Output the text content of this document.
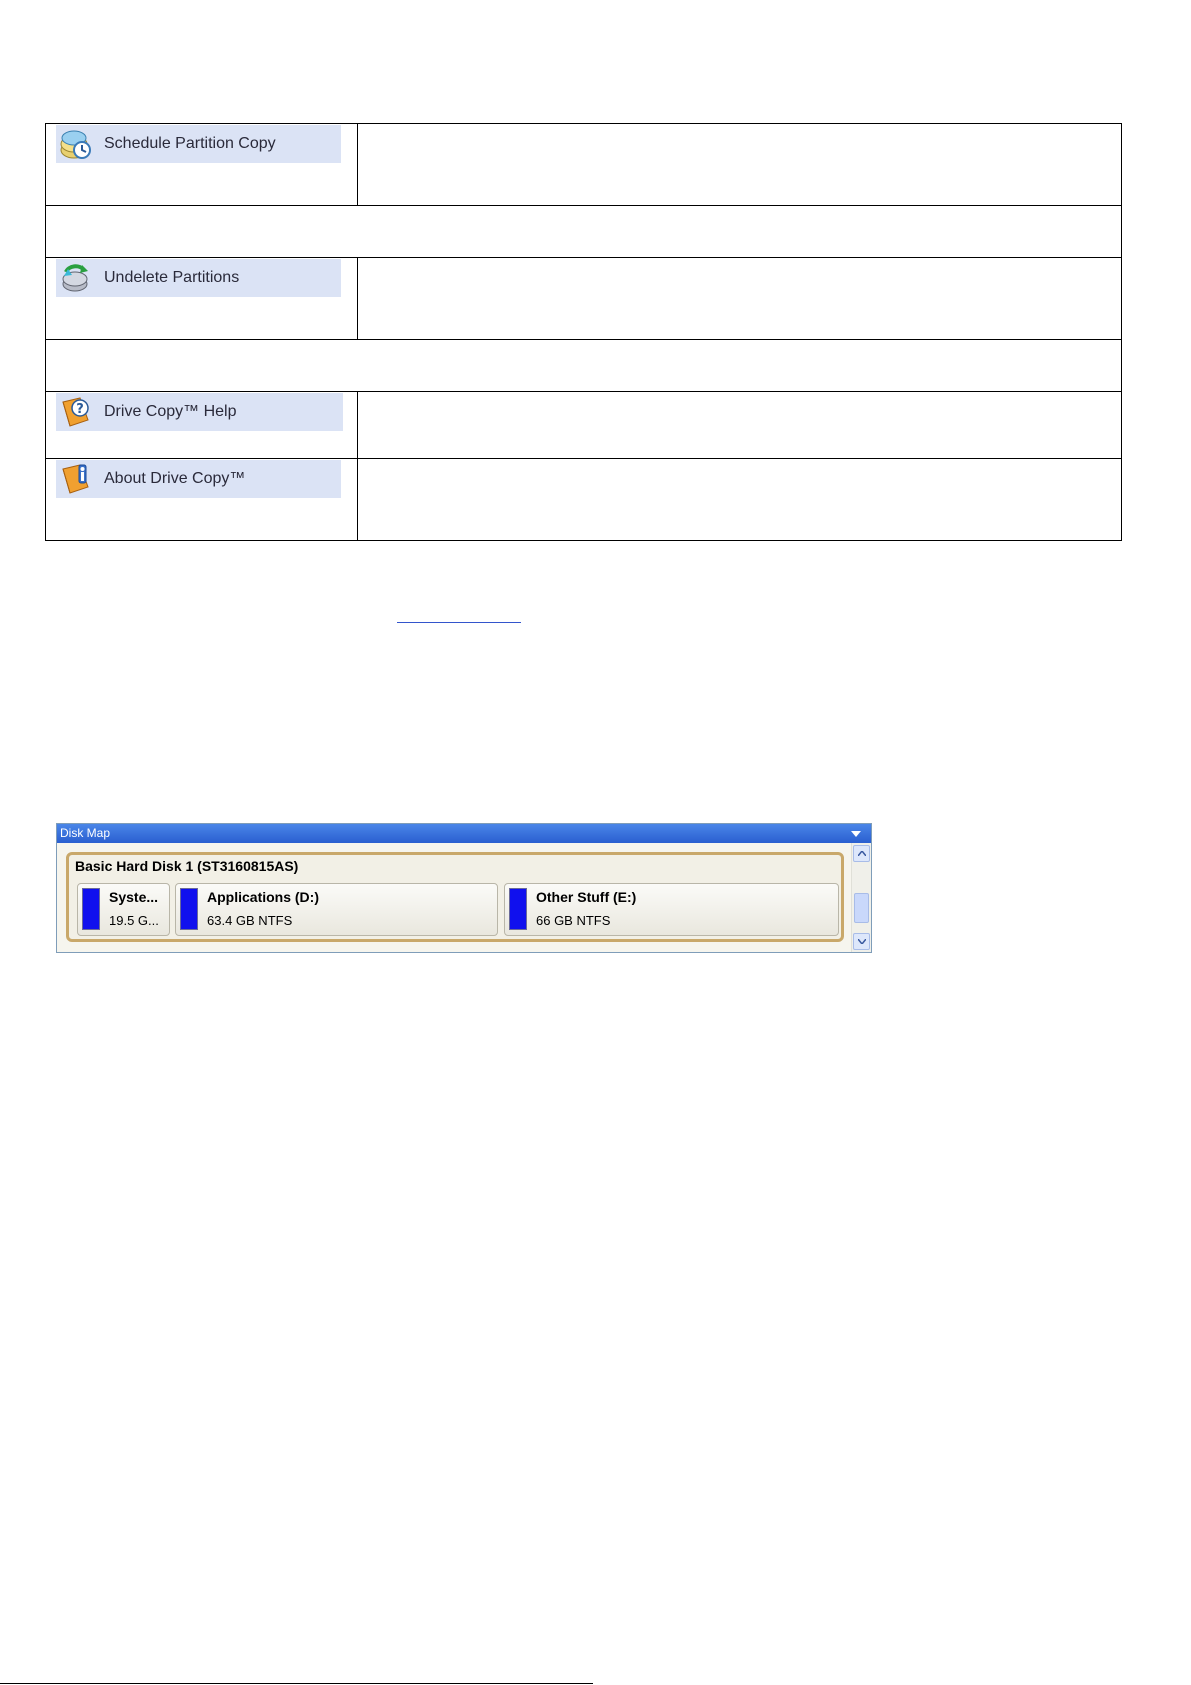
Schedule Partition Copy	

Undelete Partitions	

? Drive Copy™ Help	

About Drive Copy™	

Disk Map
Basic Hard Disk 1 (ST3160815AS)
Syste...
19.5 G...
Applications (D:)
63.4 GB NTFS
Other Stuff (E:)
66 GB NTFS
